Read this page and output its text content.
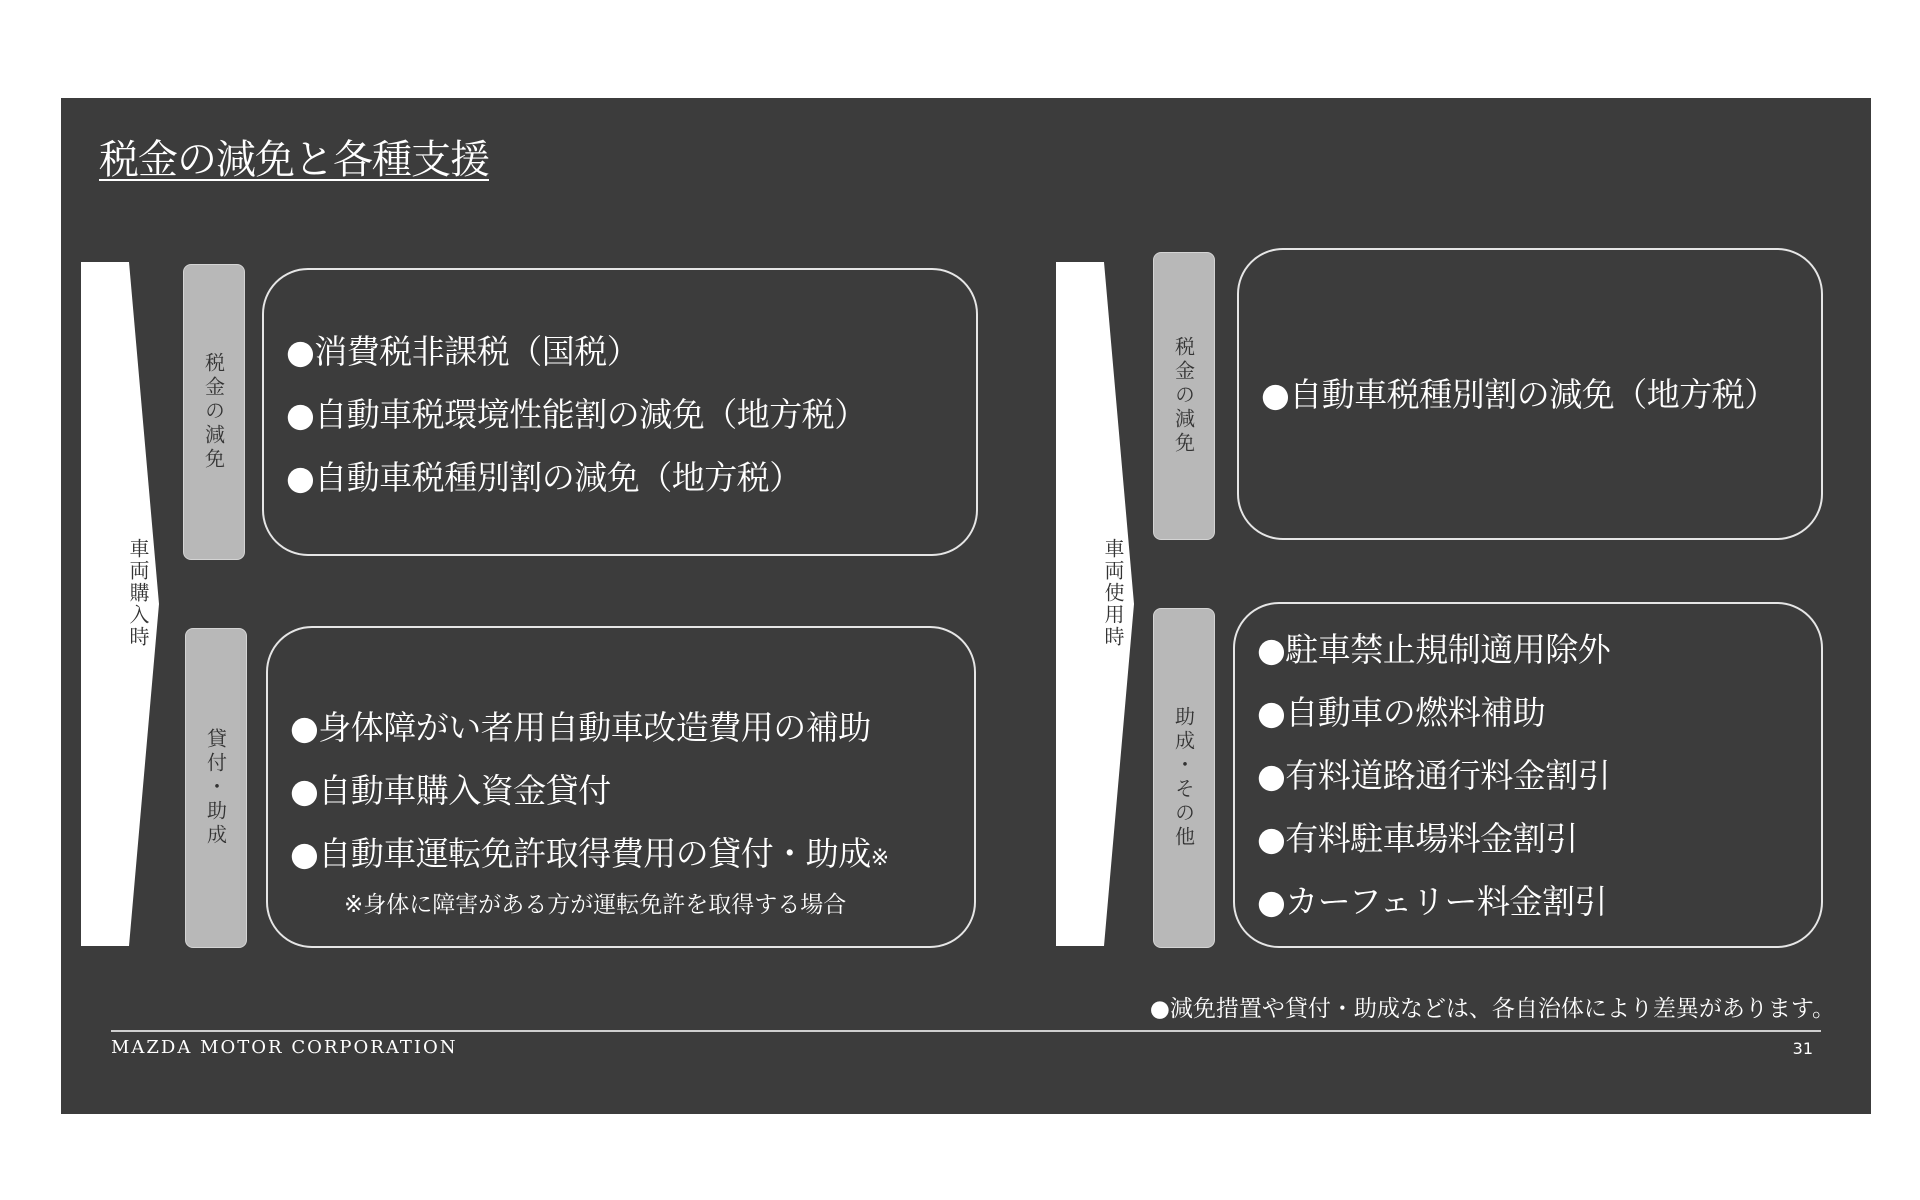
税金の減免と各種支援
車両購入時
税金の減免
●消費税非課税（国税）
●自動車税環境性能割の減免（地方税）
●自動車税種別割の減免（地方税）
貸付・助成
●身体障がい者用自動車改造費用の補助
●自動車購入資金貸付
●自動車運転免許取得費用の貸付・助成※
※身体に障害がある方が運転免許を取得する場合
車両使用時
税金の減免	●自動車税種別割の減免（地方税）
助成・その他
●駐車禁止規制適用除外
●自動車の燃料補助
●有料道路通行料金割引
●有料駐車場料金割引
●カーフェリー料金割引
●減免措置や貸付・助成などは、各自治体により差異があります。
MAZDA MOTOR CORPORATION	31
